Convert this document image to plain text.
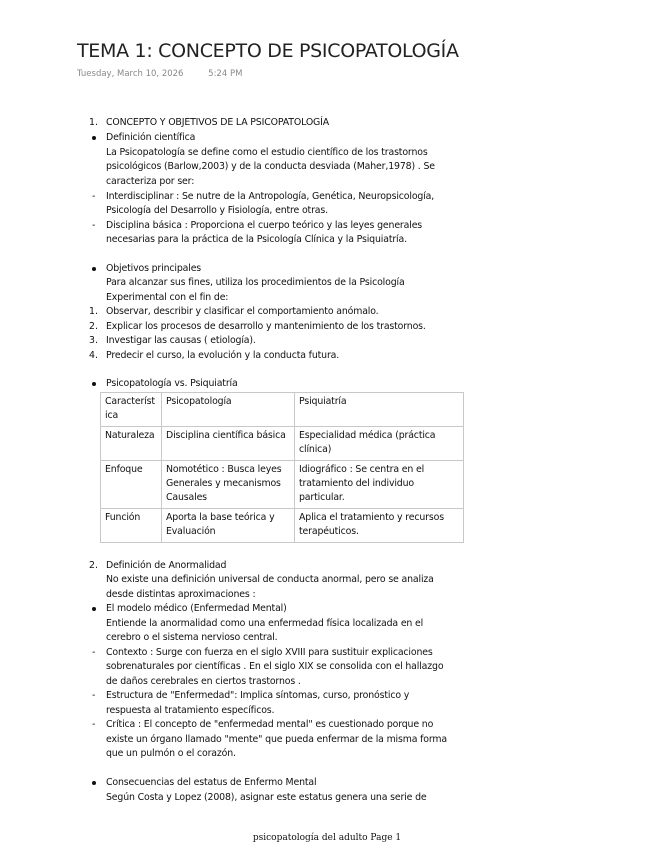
TEMA 1: CONCEPTO DE PSICOPATOLOGÍA
Tuesday, March 10, 2026	5:24 PM
1. CONCEPTO Y OBJETIVOS DE LA PSICOPATOLOGÍA
Definición científica
La Psicopatología se define como el estudio científico de los trastornos
psicológicos (Barlow,2003) y de la conducta desviada (Maher,1978) . Se
caracteriza por ser:
- Interdisciplinar : Se nutre de la Antropología, Genética, Neuropsicología,
Psicología del Desarrollo y Fisiología, entre otras.
- Disciplina básica : Proporciona el cuerpo teórico y las leyes generales
necesarias para la práctica de la Psicología Clínica y la Psiquiatría.
Objetivos principales
Para alcanzar sus fines, utiliza los procedimientos de la Psicología
Experimental con el fin de:
1. Observar, describir y clasificar el comportamiento anómalo.
2. Explicar los procesos de desarrollo y mantenimiento de los trastornos.
3. Investigar las causas ( etiología).
4. Predecir el curso, la evolución y la conducta futura.
Psicopatología vs. Psiquiatría
2. Definición de Anormalidad
No existe una definición universal de conducta anormal, pero se analiza
desde distintas aproximaciones :
El modelo médico (Enfermedad Mental)
Entiende la anormalidad como una enfermedad física localizada en el
cerebro o el sistema nervioso central.
- Contexto : Surge con fuerza en el siglo XVIII para sustituir explicaciones
sobrenaturales por científicas . En el siglo XIX se consolida con el hallazgo
de daños cerebrales en ciertos trastornos .
- Estructura de "Enfermedad": Implica síntomas, curso, pronóstico y
respuesta al tratamiento específicos.
- Crítica : El concepto de "enfermedad mental" es cuestionado porque no
existe un órgano llamado "mente" que pueda enfermar de la misma forma
que un pulmón o el corazón.
Consecuencias del estatus de Enfermo Mental
Según Costa y Lopez (2008), asignar este estatus genera una serie de
Característ ica	Psicopatología	Psiquiatría
Naturaleza	Disciplina científica básica	Especialidad médica (práctica clínica)
Enfoque	Nomotético : Busca leyes Generales y mecanismos Causales	Idiográfico : Se centra en el tratamiento del individuo particular.
Función	Aporta la base teórica y Evaluación	Aplica el tratamiento y recursos terapéuticos.
psicopatología del adulto Page 1
